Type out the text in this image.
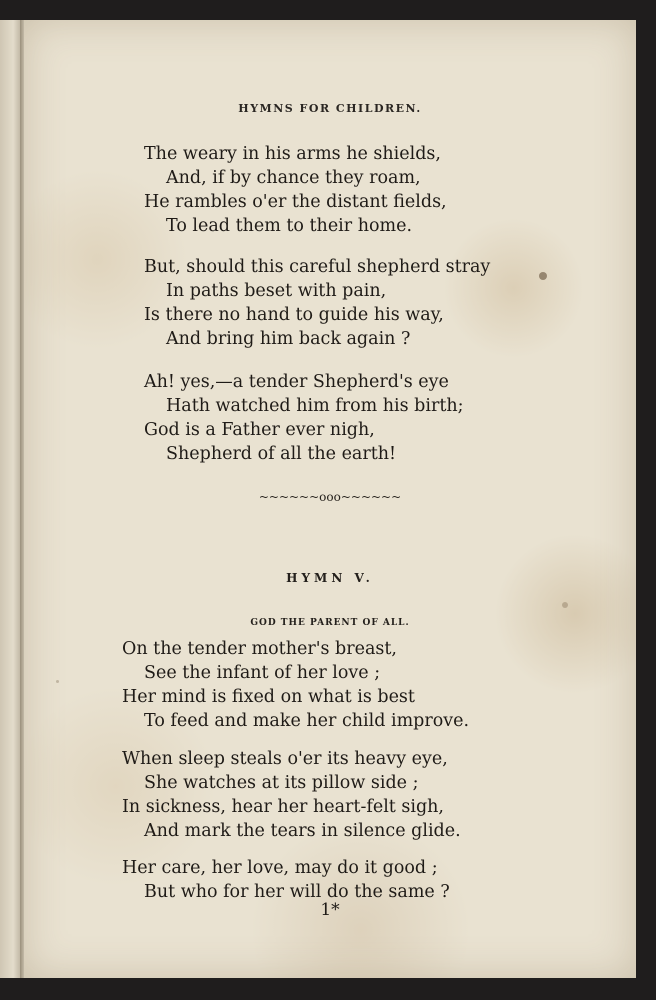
HYMNS FOR CHILDREN.
The weary in his arms he shields,
And, if by chance they roam,
He rambles o'er the distant fields,
To lead them to their home.
But, should this careful shepherd stray
In paths beset with pain,
Is there no hand to guide his way,
And bring him back again ?
Ah! yes,—a tender Shepherd's eye
Hath watched him from his birth;
God is a Father ever nigh,
Shepherd of all the earth!
~~~~~~ooo~~~~~~
HYMN V.
GOD THE PARENT OF ALL.
On the tender mother's breast,
See the infant of her love ;
Her mind is fixed on what is best
To feed and make her child improve.
When sleep steals o'er its heavy eye,
She watches at its pillow side ;
In sickness, hear her heart-felt sigh,
And mark the tears in silence glide.
Her care, her love, may do it good ;
But who for her will do the same ?
1*
